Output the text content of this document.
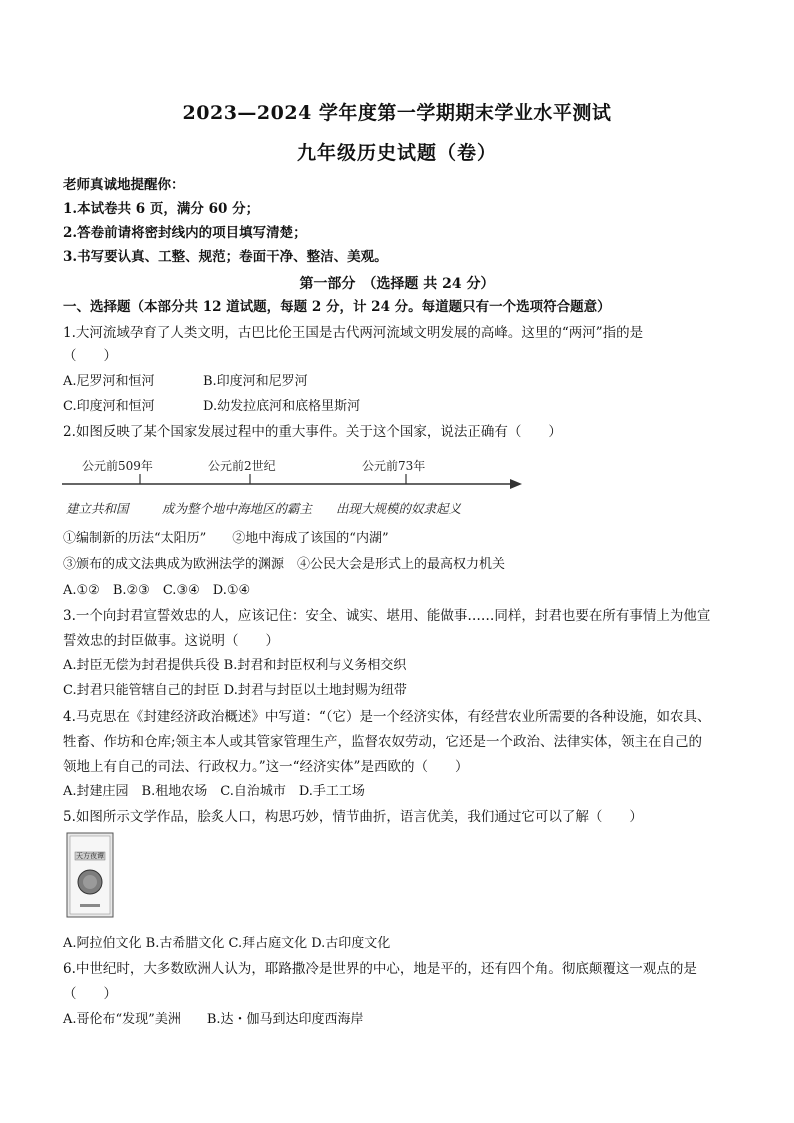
2023—2024 学年度第一学期期末学业水平测试
九年级历史试题（卷）
老师真诚地提醒你：
1.本试卷共 6 页，满分 60 分；
2.答卷前请将密封线内的项目填写清楚；
3.书写要认真、工整、规范；卷面干净、整洁、美观。
第一部分　（选择题 共 24 分）
一、选择题（本部分共 12 道试题，每题 2 分，计 24 分。每道题只有一个选项符合题意）
1.大河流域孕育了人类文明，古巴比伦王国是古代两河流域文明发展的高峰。这里的“两河”指的是
（　　）
A.尼罗河和恒河	B.印度河和尼罗河
C.印度河和恒河	D.幼发拉底河和底格里斯河
2.如图反映了某个国家发展过程中的重大事件。关于这个国家，说法正确有（　　）
公元前509年	公元前2世纪	公元前73年
建立共和国	成为整个地中海地区的霸主 出现大规模的奴隶起义
①编制新的历法“太阳历”　　②地中海成了该国的“内湖”
③颁布的成文法典成为欧洲法学的渊源　④公民大会是形式上的最高权力机关
A.①②　B.②③　C.③④　D.①④
3.一个向封君宣誓效忠的人，应该记住：安全、诚实、堪用、能做事……同样，封君也要在所有事情上为他宣
誓效忠的封臣做事。这说明（　　）
A.封臣无偿为封君提供兵役 B.封君和封臣权利与义务相交织
C.封君只能管辖自己的封臣 D.封君与封臣以土地封赐为纽带
4.马克思在《封建经济政治概述》中写道：“（它）是一个经济实体，有经营农业所需要的各种设施，如农具、
牲畜、作坊和仓库;领主本人或其管家管理生产，监督农奴劳动，它还是一个政治、法律实体，领主在自己的
领地上有自己的司法、行政权力。”这一“经济实体”是西欧的（　　）
A.封建庄园　B.租地农场　C.自治城市　D.手工工场
5.如图所示文学作品，脍炙人口，构思巧妙，情节曲折，语言优美，我们通过它可以了解（　　）
天方夜谭
A.阿拉伯文化 B.古希腊文化 C.拜占庭文化 D.古印度文化
6.中世纪时，大多数欧洲人认为，耶路撒冷是世界的中心，地是平的，还有四个角。彻底颠覆这一观点的是
（　　）
A.哥伦布“发现”美洲　　B.达・伽马到达印度西海岸
